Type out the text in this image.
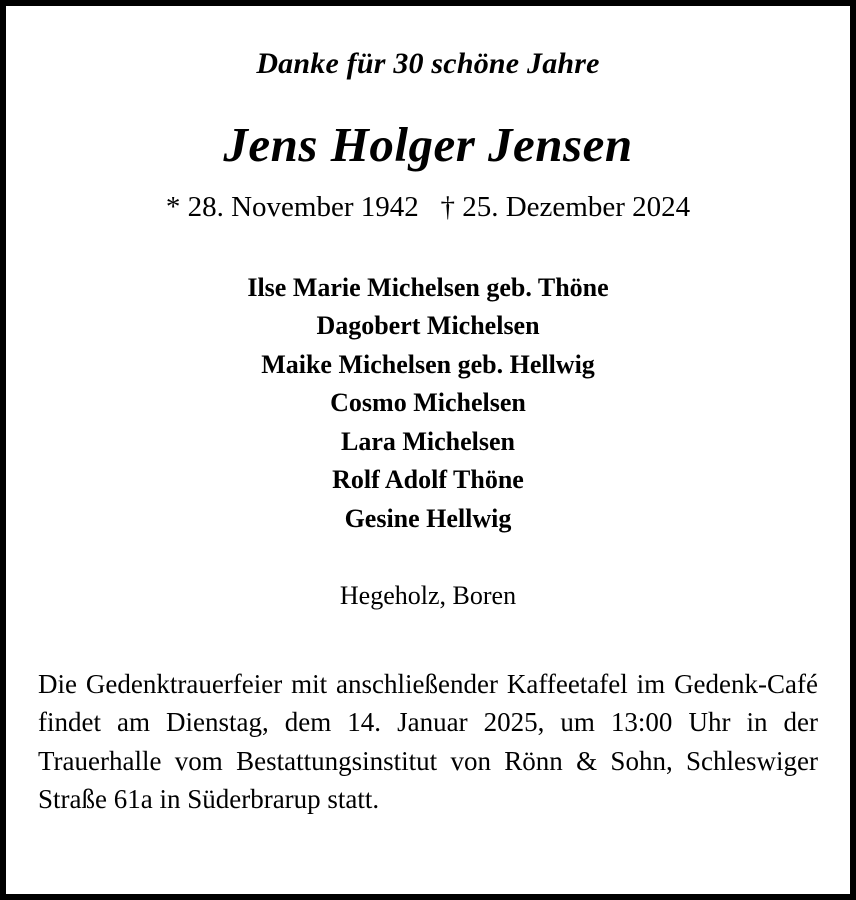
Danke für 30 schöne Jahre
Jens Holger Jensen
* 28. November 1942   † 25. Dezember 2024
Ilse Marie Michelsen geb. Thöne
Dagobert Michelsen
Maike Michelsen geb. Hellwig
Cosmo Michelsen
Lara Michelsen
Rolf Adolf Thöne
Gesine Hellwig
Hegeholz, Boren
Die Gedenktrauerfeier mit anschließender Kaffeetafel im Gedenk-Café findet am Dienstag, dem 14. Januar 2025, um 13:00 Uhr in der Trauerhalle vom Bestattungsinstitut von Rönn & Sohn, Schleswiger Straße 61a in Süderbrarup statt.
